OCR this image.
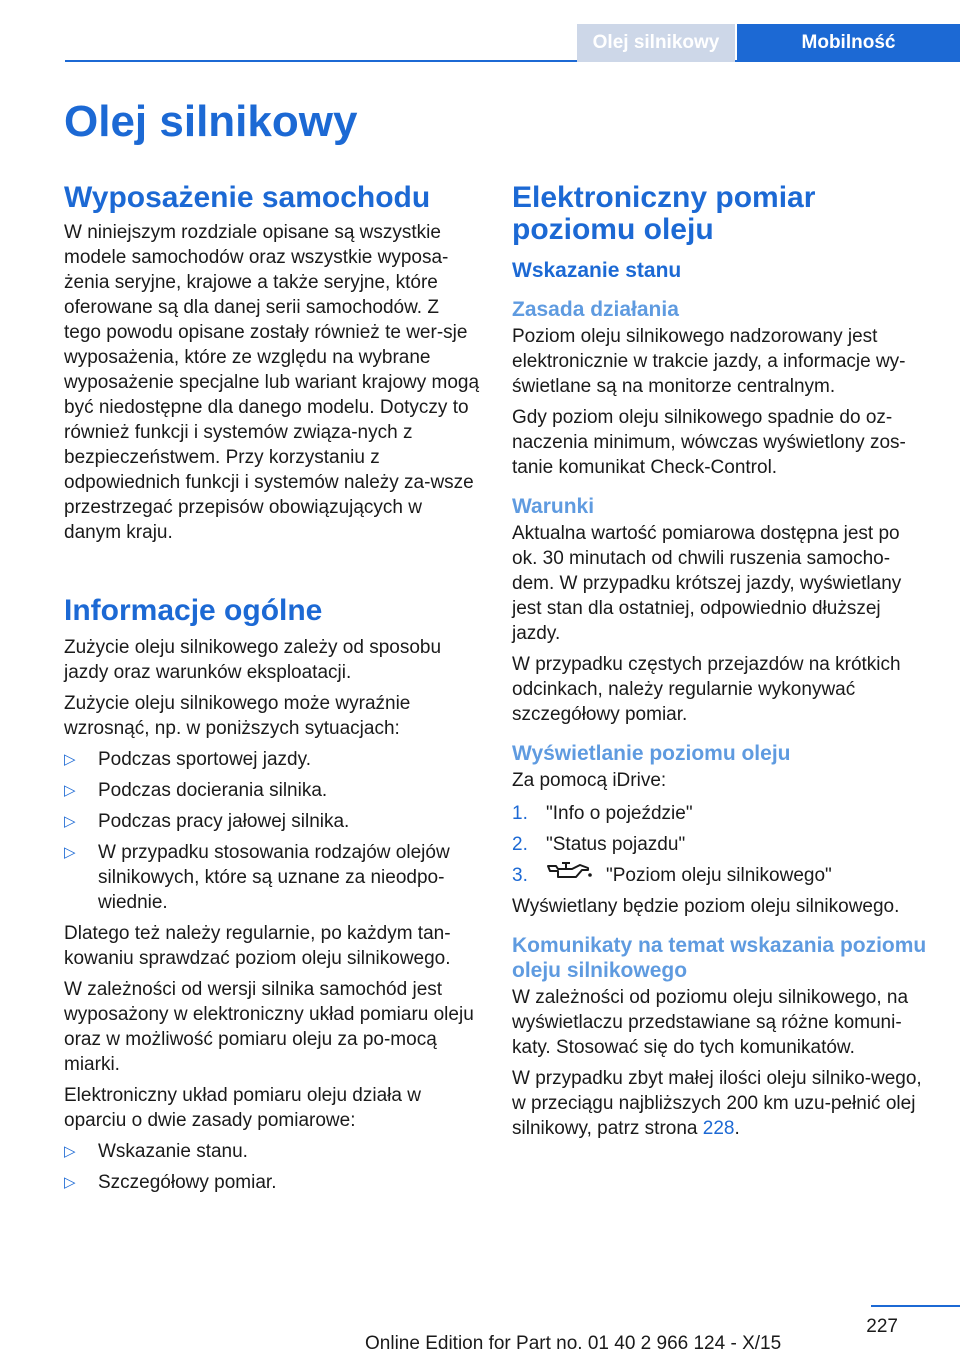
Olej silnikowy	Mobilność
Olej silnikowy
Wyposażenie samochodu

W niniejszym rozdziale opisane są wszystkie modele samochodów oraz wszystkie wyposa-żenia seryjne, krajowe a także seryjne, które oferowane są dla danej serii samochodów. Z tego powodu opisane zostały również te wer-sje wyposażenia, które ze względu na wybrane wyposażenie specjalne lub wariant krajowy mogą być niedostępne dla danego modelu. Dotyczy to również funkcji i systemów związa-nych z bezpieczeństwem. Przy korzystaniu z odpowiednich funkcji i systemów należy za-wsze przestrzegać przepisów obowiązujących w danym kraju.

Informacje ogólne

Zużycie oleju silnikowego zależy od sposobu jazdy oraz warunków eksploatacji.

Zużycie oleju silnikowego może wyraźnie wzrosnąć, np. w poniższych sytuacjach:

▷ Podczas sportowej jazdy.
▷ Podczas docierania silnika.
▷ Podczas pracy jałowej silnika.
▷ W przypadku stosowania rodzajów olejów silnikowych, które są uznane za nieodpo-wiednie.

Dlatego też należy regularnie, po każdym tan-kowaniu sprawdzać poziom oleju silnikowego.

W zależności od wersji silnika samochód jest wyposażony w elektroniczny układ pomiaru oleju oraz w możliwość pomiaru oleju za po-mocą miarki.

Elektroniczny układ pomiaru oleju działa w oparciu o dwie zasady pomiarowe:

▷ Wskazanie stanu.
▷ Szczegółowy pomiar.
Elektroniczny pomiar poziomu oleju
Wskazanie stanu
Zasada działania

Poziom oleju silnikowego nadzorowany jest elektronicznie w trakcie jazdy, a informacje wy-świetlane są na monitorze centralnym.

Gdy poziom oleju silnikowego spadnie do oz-naczenia minimum, wówczas wyświetlony zos-tanie komunikat Check-Control.

Warunki

Aktualna wartość pomiarowa dostępna jest po ok. 30 minutach od chwili ruszenia samocho-dem. W przypadku krótszej jazdy, wyświetlany jest stan dla ostatniej, odpowiednio dłuższej jazdy.

W przypadku częstych przejazdów na krótkich odcinkach, należy regularnie wykonywać szczegółowy pomiar.

Wyświetlanie poziomu oleju

Za pomocą iDrive:

1. "Info o pojeździe"
2. "Status pojazdu"
3.	"Poziom oleju silnikowego"

Wyświetlany będzie poziom oleju silnikowego.

Komunikaty na temat wskazania poziomu oleju silnikowego

W zależności od poziomu oleju silnikowego, na wyświetlaczu przedstawiane są różne komuni-katy. Stosować się do tych komunikatów.

W przypadku zbyt małej ilości oleju silniko-wego, w przeciągu najbliższych 200 km uzu-pełnić olej silnikowy, patrz strona 228.

227
Online Edition for Part no. 01 40 2 966 124 - X/15
